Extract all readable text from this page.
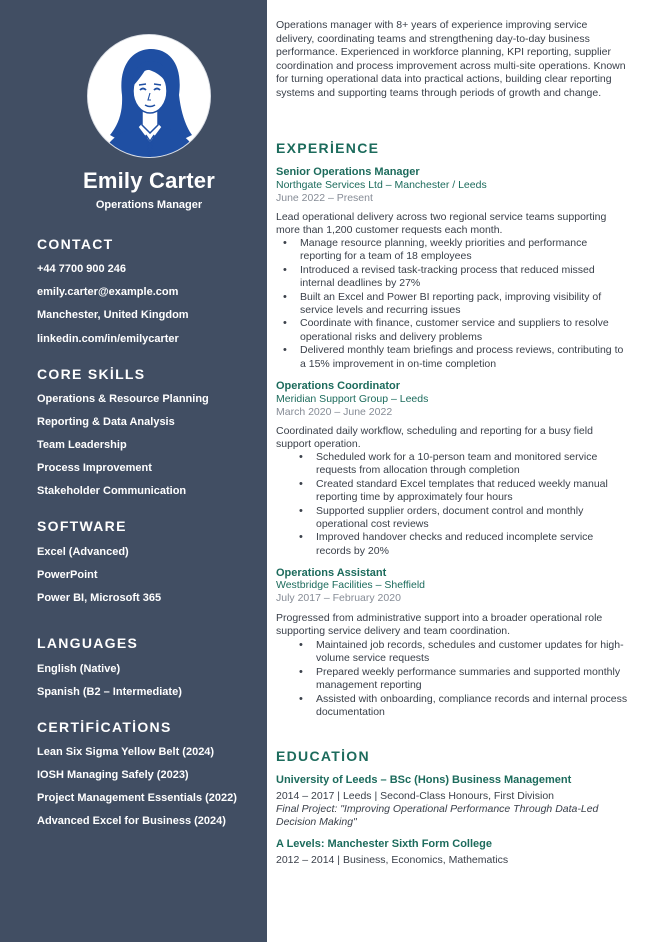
Emily Carter
Operations Manager
CONTACT
+44 7700 900 246
emily.carter@example.com
Manchester, United Kingdom
linkedin.com/in/emilycarter
CORE SKİLLS
Operations & Resource Planning
Reporting & Data Analysis
Team Leadership
Process Improvement
Stakeholder Communication
SOFTWARE
Excel (Advanced)
PowerPoint
Power BI, Microsoft 365
LANGUAGES
English (Native)
Spanish (B2 – Intermediate)
CERTİFİCATİONS
Lean Six Sigma Yellow Belt (2024)
IOSH Managing Safely (2023)
Project Management Essentials (2022)
Advanced Excel for Business (2024)
Operations manager with 8+ years of experience improving service delivery, coordinating teams and strengthening day-to-day business performance. Experienced in workforce planning, KPI reporting, supplier coordination and process improvement across multi-site operations. Known for turning operational data into practical actions, building clear reporting systems and supporting teams through periods of growth and change.
EXPERİENCE
Senior Operations Manager
Northgate Services Ltd – Manchester / Leeds
June 2022 – Present
Lead operational delivery across two regional service teams supporting more than 1,200 customer requests each month.
• Manage resource planning, weekly priorities and performance reporting for a team of 18 employees
• Introduced a revised task-tracking process that reduced missed internal deadlines by 27%
• Built an Excel and Power BI reporting pack, improving visibility of service levels and recurring issues
• Coordinate with finance, customer service and suppliers to resolve operational risks and delivery problems
• Delivered monthly team briefings and process reviews, contributing to a 15% improvement in on-time completion
Operations Coordinator
Meridian Support Group – Leeds
March 2020 – June 2022
Coordinated daily workflow, scheduling and reporting for a busy field support operation.
• Scheduled work for a 10-person team and monitored service requests from allocation through completion
• Created standard Excel templates that reduced weekly manual reporting time by approximately four hours
• Supported supplier orders, document control and monthly operational cost reviews
• Improved handover checks and reduced incomplete service records by 20%
Operations Assistant
Westbridge Facilities – Sheffield
July 2017 – February 2020
Progressed from administrative support into a broader operational role supporting service delivery and team coordination.
• Maintained job records, schedules and customer updates for high-volume service requests
• Prepared weekly performance summaries and supported monthly management reporting
• Assisted with onboarding, compliance records and internal process documentation
EDUCATİON
University of Leeds – BSc (Hons) Business Management
2014 – 2017 | Leeds | Second-Class Honours, First Division
Final Project: "Improving Operational Performance Through Data-Led Decision Making"
A Levels: Manchester Sixth Form College
2012 – 2014 | Business, Economics, Mathematics
